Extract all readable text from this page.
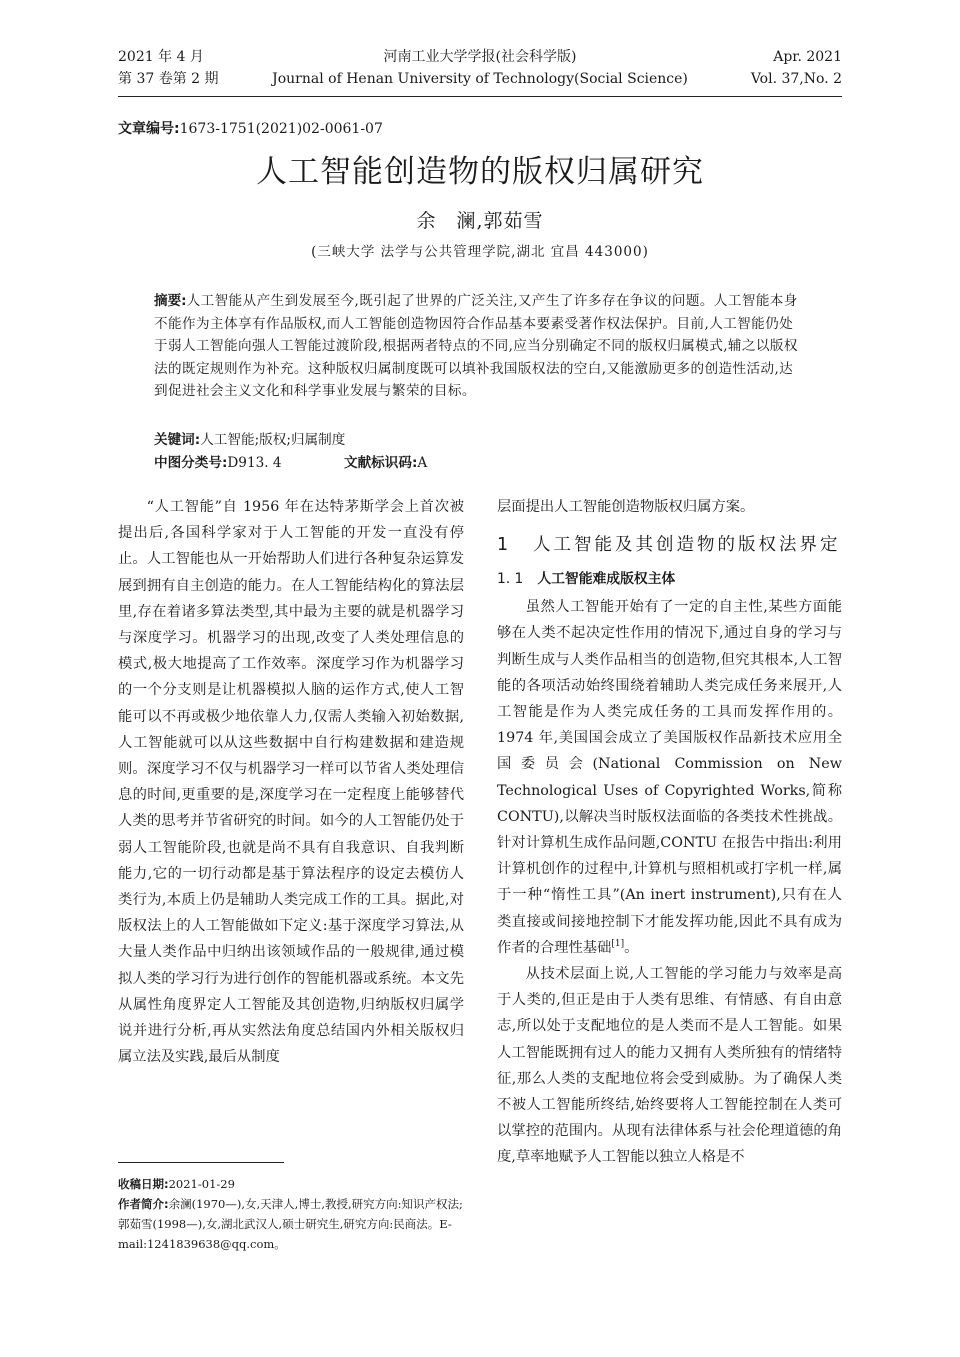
2021 年 4 月
第 37 卷第 2 期
河南工业大学学报(社会科学版)
Journal of Henan University of Technology(Social Science)
Apr. 2021
Vol. 37,No. 2
文章编号:1673-1751(2021)02-0061-07
人工智能创造物的版权归属研究
余　澜,郭茹雪
(三峡大学 法学与公共管理学院,湖北 宜昌 443000)
摘要:人工智能从产生到发展至今,既引起了世界的广泛关注,又产生了许多存在争议的问题。人工智能本身不能作为主体享有作品版权,而人工智能创造物因符合作品基本要素受著作权法保护。目前,人工智能仍处于弱人工智能向强人工智能过渡阶段,根据两者特点的不同,应当分别确定不同的版权归属模式,辅之以版权法的既定规则作为补充。这种版权归属制度既可以填补我国版权法的空白,又能激励更多的创造性活动,达到促进社会主义文化和科学事业发展与繁荣的目标。
关键词:人工智能;版权;归属制度
中图分类号:D913. 4	文献标识码:A

“人工智能”自 1956 年在达特茅斯学会上首次被提出后,各国科学家对于人工智能的开发一直没有停止。人工智能也从一开始帮助人们进行各种复杂运算发展到拥有自主创造的能力。在人工智能结构化的算法层里,存在着诸多算法类型,其中最为主要的就是机器学习与深度学习。机器学习的出现,改变了人类处理信息的模式,极大地提高了工作效率。深度学习作为机器学习的一个分支则是让机器模拟人脑的运作方式,使人工智能可以不再或极少地依靠人力,仅需人类输入初始数据,人工智能就可以从这些数据中自行构建数据和建造规则。深度学习不仅与机器学习一样可以节省人类处理信息的时间,更重要的是,深度学习在一定程度上能够替代人类的思考并节省研究的时间。如今的人工智能仍处于弱人工智能阶段,也就是尚不具有自我意识、自我判断能力,它的一切行动都是基于算法程序的设定去模仿人类行为,本质上仍是辅助人类完成工作的工具。据此,对版权法上的人工智能做如下定义:基于深度学习算法,从大量人类作品中归纳出该领域作品的一般规律,通过模拟人类的学习行为进行创作的智能机器或系统。本文先从属性角度界定人工智能及其创造物,归纳版权归属学说并进行分析,再从实然法角度总结国内外相关版权归属立法及实践,最后从制度

层面提出人工智能创造物版权归属方案。

1	人工智能及其创造物的版权法界定
1. 1 人工智能难成版权主体

虽然人工智能开始有了一定的自主性,某些方面能够在人类不起决定性作用的情况下,通过自身的学习与判断生成与人类作品相当的创造物,但究其根本,人工智能的各项活动始终围绕着辅助人类完成任务来展开,人工智能是作为人类完成任务的工具而发挥作用的。1974 年,美国国会成立了美国版权作品新技术应用全国委员会(National Commission on New Technological Uses of Copyrighted Works,简称 CONTU),以解决当时版权法面临的各类技术性挑战。针对计算机生成作品问题,CONTU 在报告中指出:利用计算机创作的过程中,计算机与照相机或打字机一样,属于一种“惰性工具”(An inert instrument),只有在人类直接或间接地控制下才能发挥功能,因此不具有成为作者的合理性基础[1]。

从技术层面上说,人工智能的学习能力与效率是高于人类的,但正是由于人类有思维、有情感、有自由意志,所以处于支配地位的是人类而不是人工智能。如果人工智能既拥有过人的能力又拥有人类所独有的情绪特征,那么人类的支配地位将会受到威胁。为了确保人类不被人工智能所终结,始终要将人工智能控制在人类可以掌控的范围内。从现有法律体系与社会伦理道德的角度,草率地赋予人工智能以独立人格是不

收稿日期:2021-01-29

作者简介:余澜(1970—),女,天津人,博士,教授,研究方向:知识产权法;郭茹雪(1998—),女,湖北武汉人,硕士研究生,研究方向:民商法。E-mail:1241839638@qq.com。
